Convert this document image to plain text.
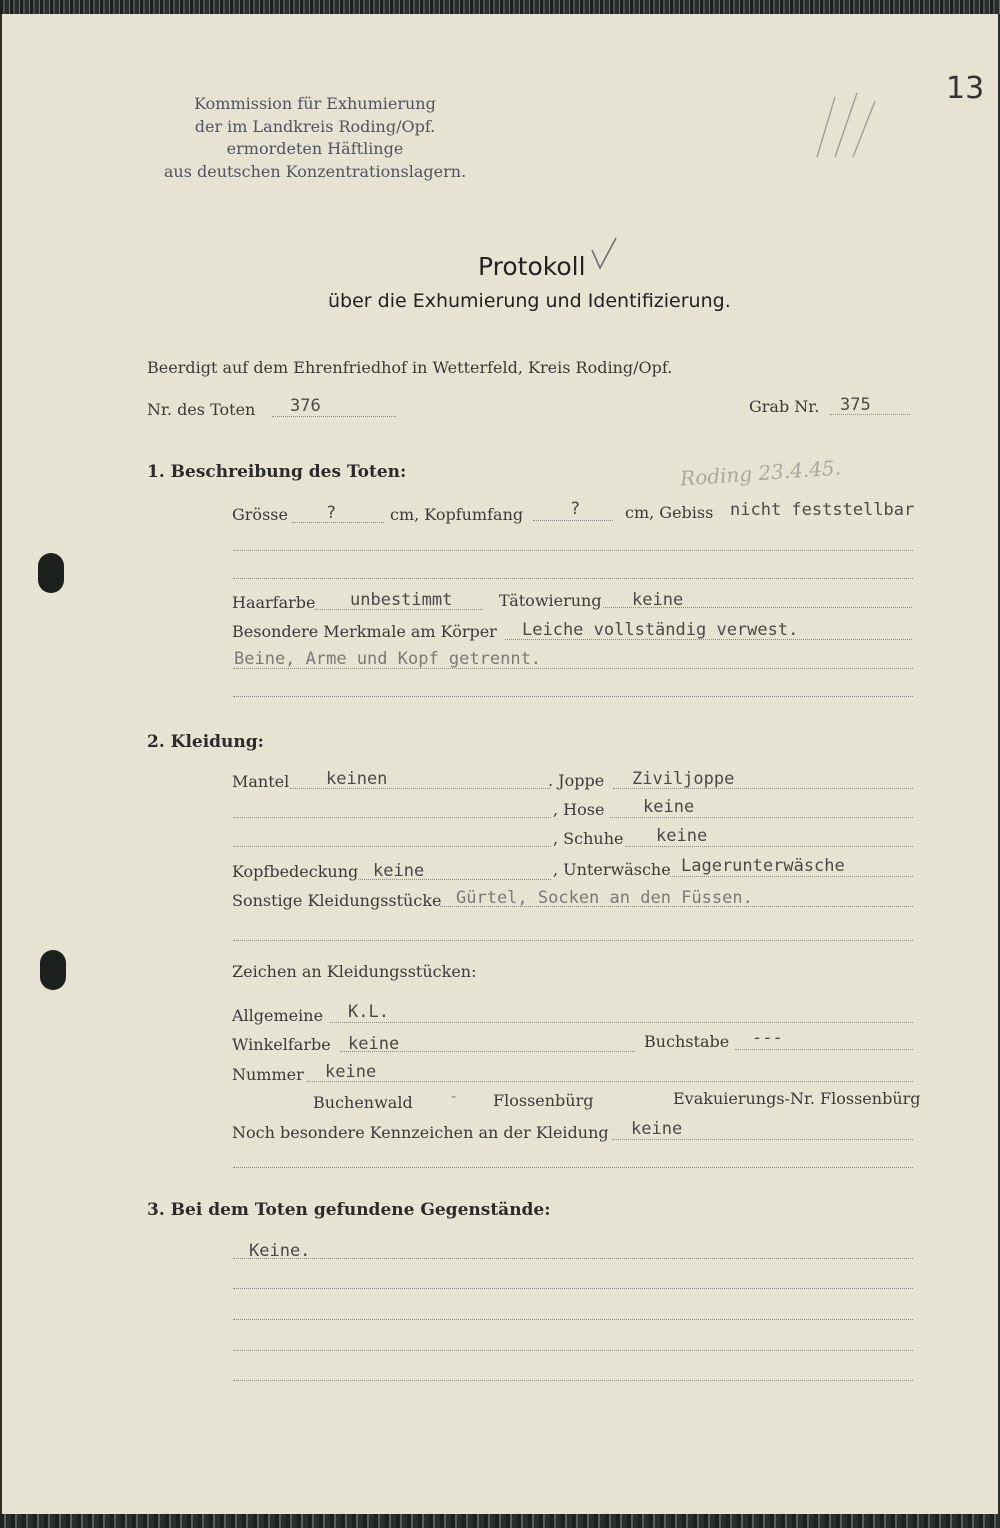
13
Kommission für Exhumierung
der im Landkreis Roding/Opf.
ermordeten Häftlinge
aus deutschen Konzentrationslagern.
Protokoll
über die Exhumierung und Identifizierung.
Beerdigt auf dem Ehrenfriedhof in Wetterfeld, Kreis Roding/Opf.
Nr. des Toten 376	Grab Nr. 375
1. Beschreibung des Toten:	Roding 23.4.45.
Grösse ?	cm, Kopfumfang	?	cm, Gebiss nicht feststellbar
Haarfarbe unbestimmt	Tätowierung keine
Besondere Merkmale am Körper Leiche vollständig verwest.
Beine, Arme und Kopf getrennt.
2. Kleidung:
Mantel keinen	. Joppe Ziviljoppe
, Hose keine
, Schuhe keine
Kopfbedeckung keine	, Unterwäsche Lagerunterwäsche
Sonstige Kleidungsstücke Gürtel, Socken an den Füssen.
Zeichen an Kleidungsstücken:
Allgemeine K.L.
Winkelfarbe keine	Buchstabe ---
Nummer keine
Buchenwald - Flossenbürg	Evakuierungs-Nr. Flossenbürg
Noch besondere Kennzeichen an der Kleidung keine
3. Bei dem Toten gefundene Gegenstände:
Keine.
